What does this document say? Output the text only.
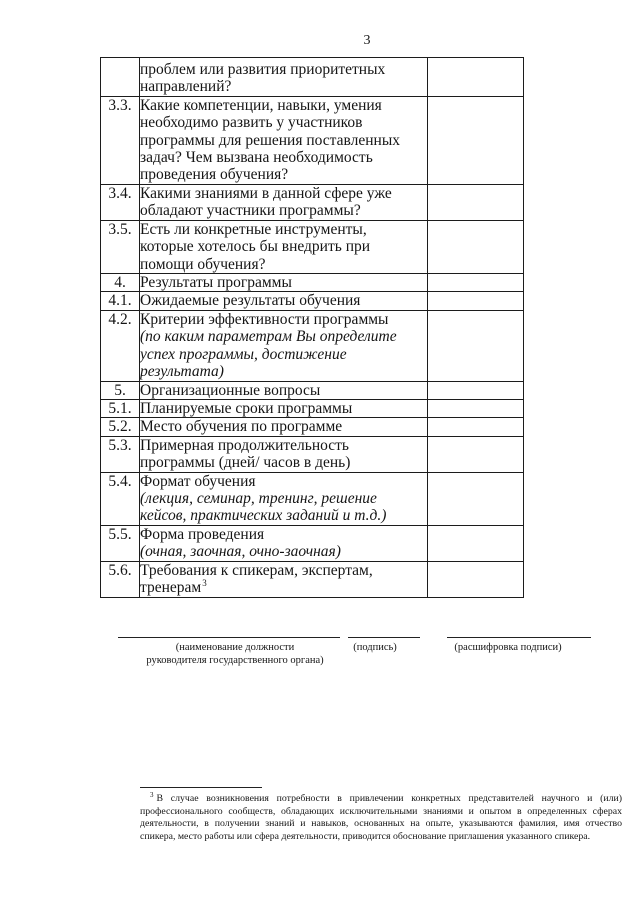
3

	проблем или развития приоритетных
направлений?	

3.3.	Какие компетенции, навыки, умения
необходимо развить у участников
программы для решения поставленных
задач? Чем вызвана необходимость
проведения обучения?	

3.4.	Какими знаниями в данной сфере уже
обладают участники программы?	

3.5.	Есть ли конкретные инструменты,
которые хотелось бы внедрить при
помощи обучения?	

4.	Результаты программы	

4.1.	Ожидаемые результаты обучения	

4.2.	Критерии эффективности программы
(по каким параметрам Вы определите
успех программы, достижение
результата)	

5.	Организационные вопросы	

5.1.	Планируемые сроки программы	

5.2.	Место обучения по программе	

5.3.	Примерная продолжительность
программы (дней/ часов в день)	

5.4.	Формат обучения
(лекция, семинар, тренинг, решение
кейсов, практических заданий и т.д.)	

5.5.	Форма проведения
(очная, заочная, очно-заочная)	

5.6.	Требования к спикерам, экспертам,
тренерам$^3$

(наименование должности
руководителя государственного органа)
(подпись)	(расшифровка подписи)
$^3$ В случае возникновения потребности в привлечении конкретных представителей научного и (или)
профессионального сообществ, обладающих исключительными знаниями и опытом в определенных сферах
деятельности, в получении знаний и навыков, основанных на опыте, указываются фамилия, имя отчество
спикера, место работы или сфера деятельности, приводится обоснование приглашения указанного спикера.
